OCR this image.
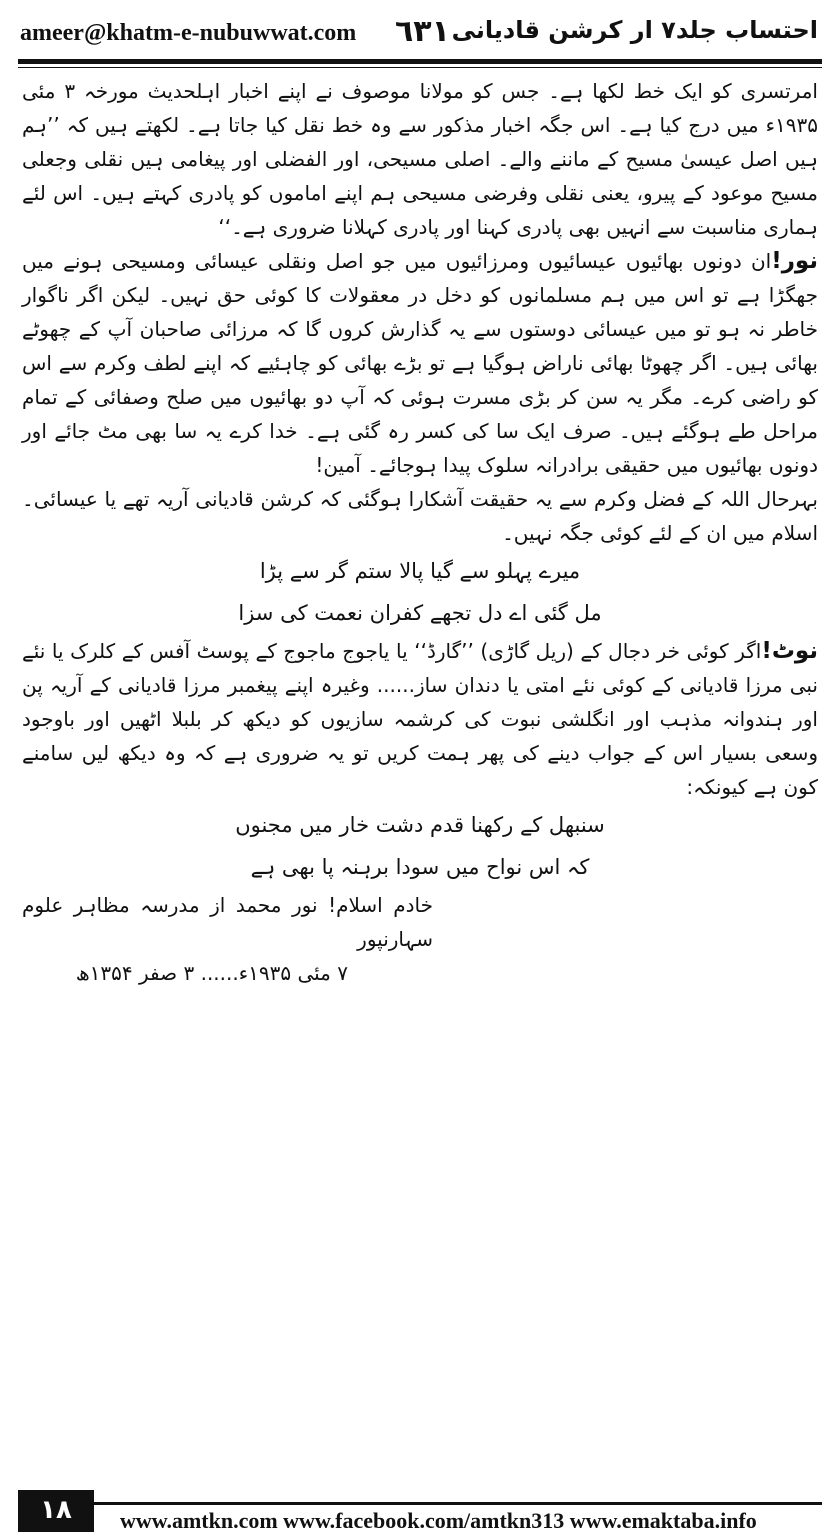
ameer@khatm-e-nubuwwat.com ٦٣١ احتساب جلد۷ ار کرشن قادیانی

امرتسری کو ایک خط لکھا ہے۔ جس کو مولانا موصوف نے اپنے اخبار اہلحدیث مورخہ ۳ مئی ۱۹۳۵ء میں درج کیا ہے۔ اس جگہ اخبار مذکور سے وہ خط نقل کیا جاتا ہے۔ لکھتے ہیں کہ ’’ہم ہیں اصل عیسیٰ مسیح کے ماننے والے۔ اصلی مسیحی، اور الفضلی اور پیغامی ہیں نقلی وجعلی مسیح موعود کے پیرو، یعنی نقلی وفرضی مسیحی ہم اپنے اماموں کو پادری کہتے ہیں۔ اس لئے ہماری مناسبت سے انہیں بھی پادری کہنا اور پادری کہلانا ضروری ہے۔‘‘

نور!ان دونوں بھائیوں عیسائیوں ومرزائیوں میں جو اصل ونقلی عیسائی ومسیحی ہونے میں جھگڑا ہے تو اس میں ہم مسلمانوں کو دخل در معقولات کا کوئی حق نہیں۔ لیکن اگر ناگوار خاطر نہ ہو تو میں عیسائی دوستوں سے یہ گذارش کروں گا کہ مرزائی صاحبان آپ کے چھوٹے بھائی ہیں۔ اگر چھوٹا بھائی ناراض ہوگیا ہے تو بڑے بھائی کو چاہئیے کہ اپنے لطف وکرم سے اس کو راضی کرے۔ مگر یہ سن کر بڑی مسرت ہوئی کہ آپ دو بھائیوں میں صلح وصفائی کے تمام مراحل طے ہوگئے ہیں۔ صرف ایک سا کی کسر رہ گئی ہے۔ خدا کرے یہ سا بھی مٹ جائے اور دونوں بھائیوں میں حقیقی برادرانہ سلوک پیدا ہوجائے۔ آمین!

بہرحال اللہ کے فضل وکرم سے یہ حقیقت آشکارا ہوگئی کہ کرشن قادیانی آریہ تھے یا عیسائی۔ اسلام میں ان کے لئے کوئی جگہ نہیں۔

میرے پہلو سے گیا پالا ستم گر سے پڑا
مل گئی اے دل تجھے کفران نعمت کی سزا

نوٹ!اگر کوئی خر دجال کے (ریل گاڑی) ’’گارڈ‘‘ یا یاجوج ماجوج کے پوسٹ آفس کے کلرک یا نئے نبی مرزا قادیانی کے کوئی نئے امتی یا دندان ساز...... وغیرہ اپنے پیغمبر مرزا قادیانی کے آریہ پن اور ہندوانہ مذہب اور انگلشی نبوت کی کرشمہ سازیوں کو دیکھ کر بلبلا اٹھیں اور باوجود وسعی بسیار اس کے جواب دینے کی پھر ہمت کریں تو یہ ضروری ہے کہ وہ دیکھ لیں سامنے کون ہے کیونکہ:

سنبھل کے رکھنا قدم دشت خار میں مجنوں
کہ اس نواح میں سودا برہنہ پا بھی ہے

خادم اسلام! نور محمد از مدرسہ مظاہر علوم سہارنپور

۷ مئی ۱۹۳۵ء...... ۳ صفر ۱۳۵۴ھ

۱۸	www.amtkn.com www.facebook.com/amtkn313 www.emaktaba.info
